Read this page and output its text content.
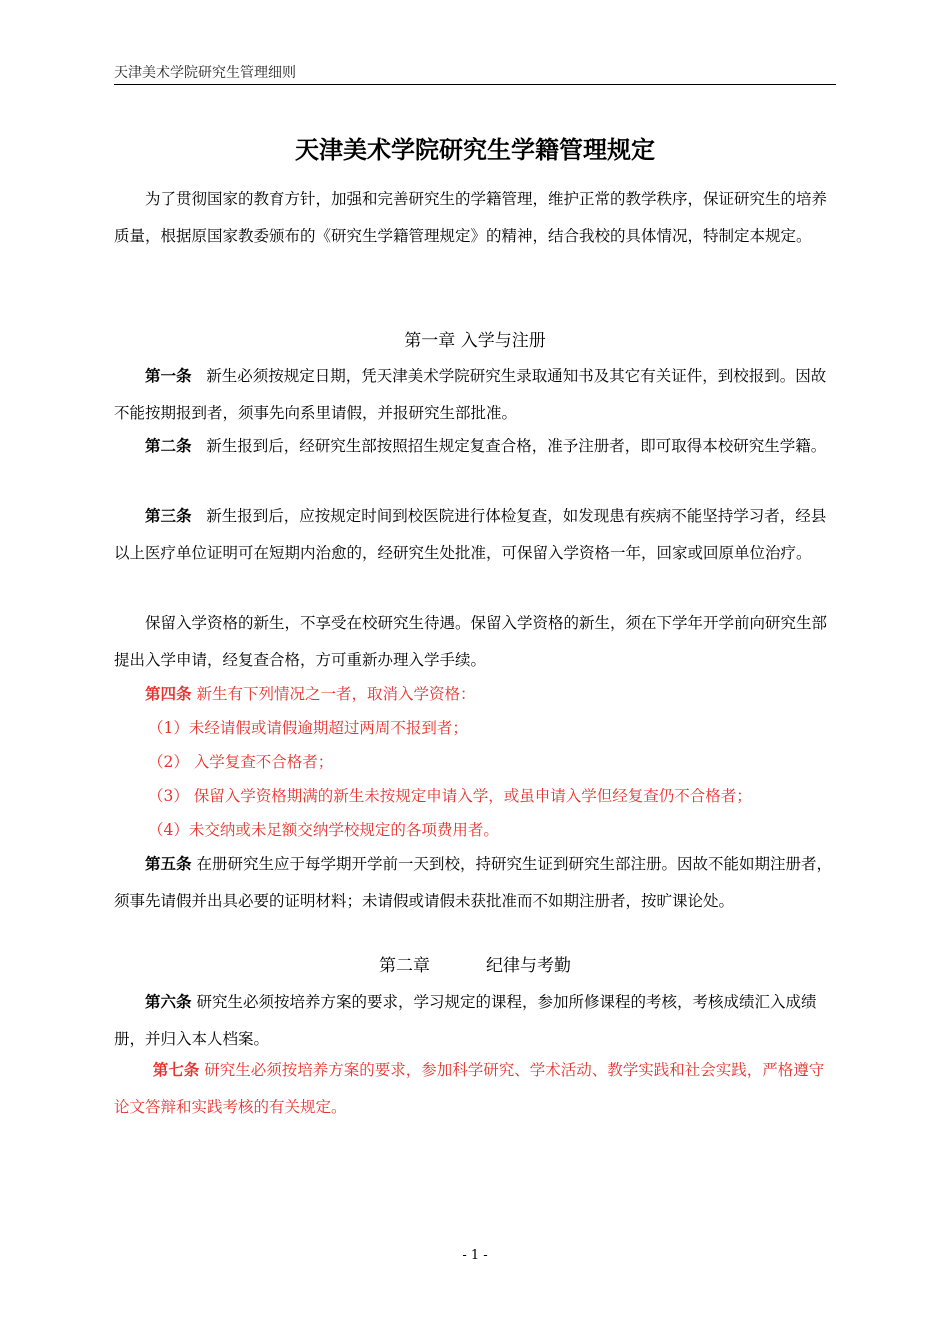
天津美术学院研究生管理细则
天津美术学院研究生学籍管理规定
为了贯彻国家的教育方针，加强和完善研究生的学籍管理，维护正常的教学秩序，保证研究生的培养质量，根据原国家教委颁布的《研究生学籍管理规定》的精神，结合我校的具体情况，特制定本规定。
第一章 入学与注册
第一条 新生必须按规定日期，凭天津美术学院研究生录取通知书及其它有关证件，到校报到。因故不能按期报到者，须事先向系里请假，并报研究生部批准。
第二条 新生报到后，经研究生部按照招生规定复查合格，准予注册者，即可取得本校研究生学籍。
第三条 新生报到后，应按规定时间到校医院进行体检复查，如发现患有疾病不能坚持学习者，经县以上医疗单位证明可在短期内治愈的，经研究生处批准，可保留入学资格一年，回家或回原单位治疗。
保留入学资格的新生，不享受在校研究生待遇。保留入学资格的新生，须在下学年开学前向研究生部提出入学申请，经复查合格，方可重新办理入学手续。
第四条 新生有下列情况之一者，取消入学资格：
（1）未经请假或请假逾期超过两周不报到者；
（2） 入学复查不合格者；
（3） 保留入学资格期满的新生未按规定申请入学，或虽申请入学但经复查仍不合格者；
（4）未交纳或未足额交纳学校规定的各项费用者。
第五条 在册研究生应于每学期开学前一天到校，持研究生证到研究生部注册。因故不能如期注册者，须事先请假并出具必要的证明材料；未请假或请假未获批准而不如期注册者，按旷课论处。
第二章	纪律与考勤
第六条 研究生必须按培养方案的要求，学习规定的课程，参加所修课程的考核，考核成绩汇入成绩册，并归入本人档案。
第七条 研究生必须按培养方案的要求，参加科学研究、学术活动、教学实践和社会实践，严格遵守论文答辩和实践考核的有关规定。
- 1 -
